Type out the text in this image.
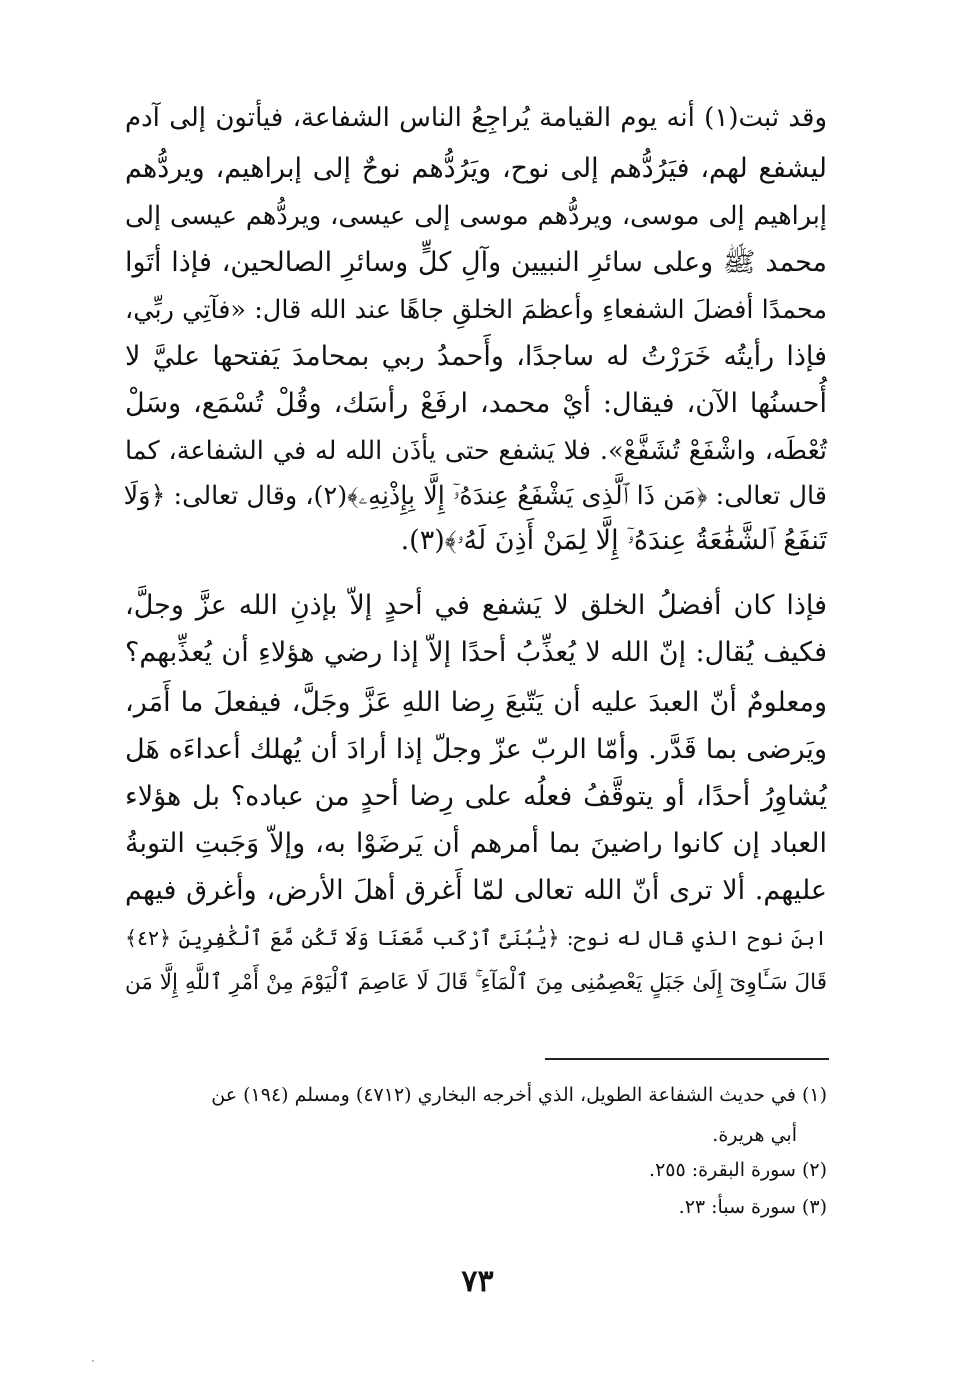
وقد ثبت(١) أنه يوم القيامة يُراجِعُ الناس الشفاعة، فيأتون إلى آدم
ليشفع لهم، فيَرُدُّهم إلى نوح، ويَرُدُّهم نوحٌ إلى إبراهيم، ويردُّهم
إبراهيم إلى موسى، ويردُّهم موسى إلى عيسى، ويردُّهم عيسى إلى
محمد ﷺ وعلى سائرِ النبيين وآلِ كلٍّ وسائرِ الصالحين، فإذا أتَوا
محمدًا أفضلَ الشفعاءِ وأعظمَ الخلقِ جاهًا عند الله قال: «فآتِي ربِّي،
فإذا رأيتُه خَرَرْتُ له ساجدًا، وأَحمدُ ربي بمحامدَ يَفتحها عليَّ لا
أُحسنُها الآن، فيقال: أيْ محمد، ارفَعْ رأسَك، وقُلْ تُسْمَع، وسَلْ
تُعْطَه، واشْفَعْ تُشَفَّعْ». فلا يَشفع حتى يأذَن الله له في الشفاعة، كما
قال تعالى: ﴿مَن ذَا ٱلَّذِى يَشْفَعُ عِندَهُۥٓ إِلَّا بِإِذْنِهِۦ﴾(٢)، وقال تعالى: ﴿وَلَا
تَنفَعُ ٱلشَّفَٰعَةُ عِندَهُۥٓ إِلَّا لِمَنْ أَذِنَ لَهُۥ﴾(٣).
فإذا كان أفضلُ الخلق لا يَشفع في أحدٍ إلاّ بإذنِ الله عزَّ وجلَّ،
فكيف يُقال: إنّ الله لا يُعذِّبُ أحدًا إلاّ إذا رضي هؤلاءِ أن يُعذِّبهم؟
ومعلومٌ أنّ العبدَ عليه أن يَتّبعَ رِضا اللهِ عَزَّ وجَلَّ، فيفعلَ ما أَمَر،
ويَرضى بما قَدَّر. وأمّا الربّ عزّ وجلّ إذا أرادَ أن يُهلك أعداءَه هَل
يُشاوِرُ أحدًا، أو يتوقَّفُ فعلُه على رِضا أحدٍ من عباده؟ بل هؤلاء
العباد إن كانوا راضينَ بما أمرهم أن يَرضَوْا به، وإلاّ وَجَبتِ التوبةُ
عليهم. ألا ترى أنّ الله تعالى لمّا أَغرق أهلَ الأرض، وأغرق فيهم
ابنَ نوح الذي قال له نوح: ﴿يَٰبُنَىَّ ٱرْكَب مَّعَنَا وَلَا تَكُن مَّعَ ٱلْكَٰفِرِينَ ﴿٤٢﴾
قَالَ سَـَٔاوِىٓ إِلَىٰ جَبَلٍ يَعْصِمُنِى مِنَ ٱلْمَآءِ ۚ قَالَ لَا عَاصِمَ ٱلْيَوْمَ مِنْ أَمْرِ ٱللَّهِ إِلَّا مَن
(١) في حديث الشفاعة الطويل، الذي أخرجه البخاري (٤٧١٢) ومسلم (١٩٤) عن
أبي هريرة.
(٢) سورة البقرة: ٢٥٥.
(٣) سورة سبأ: ٢٣.
٧٣
